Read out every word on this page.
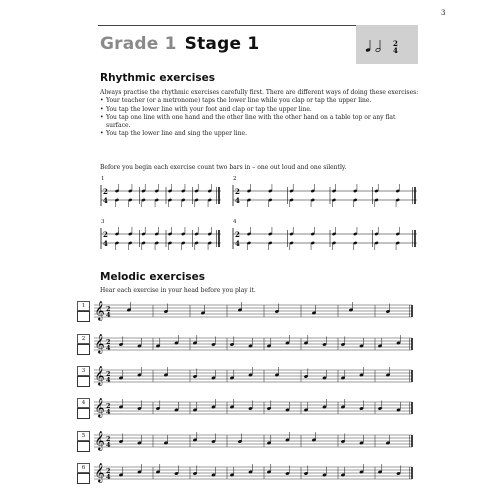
3
2
4
Grade 1 Stage 1
Rhythmic exercises

Always practise the rhythmic exercises carefully first. There are different ways of doing these exercises:

• Your teacher (or a metronome) taps the lower line while you clap or tap the upper line.
• You tap the lower line with your foot and clap or tap the upper line.
• You tap one line with one hand and the other line with the other hand on a table top or any flat surface.
• You tap the lower line and sing the upper line.
Before you begin each exercise count two bars in – one out loud and one silently.
1	2
3	4
2
4
2
4
2
4
2
4
Melodic exercises
Hear each exercise in your head before you play it.
1
2
3
4
5
6
𝄞 2
4
𝄞 2
4
𝄞 2
4
𝄞 2
4
𝄞 2
4
𝄞 2
4
